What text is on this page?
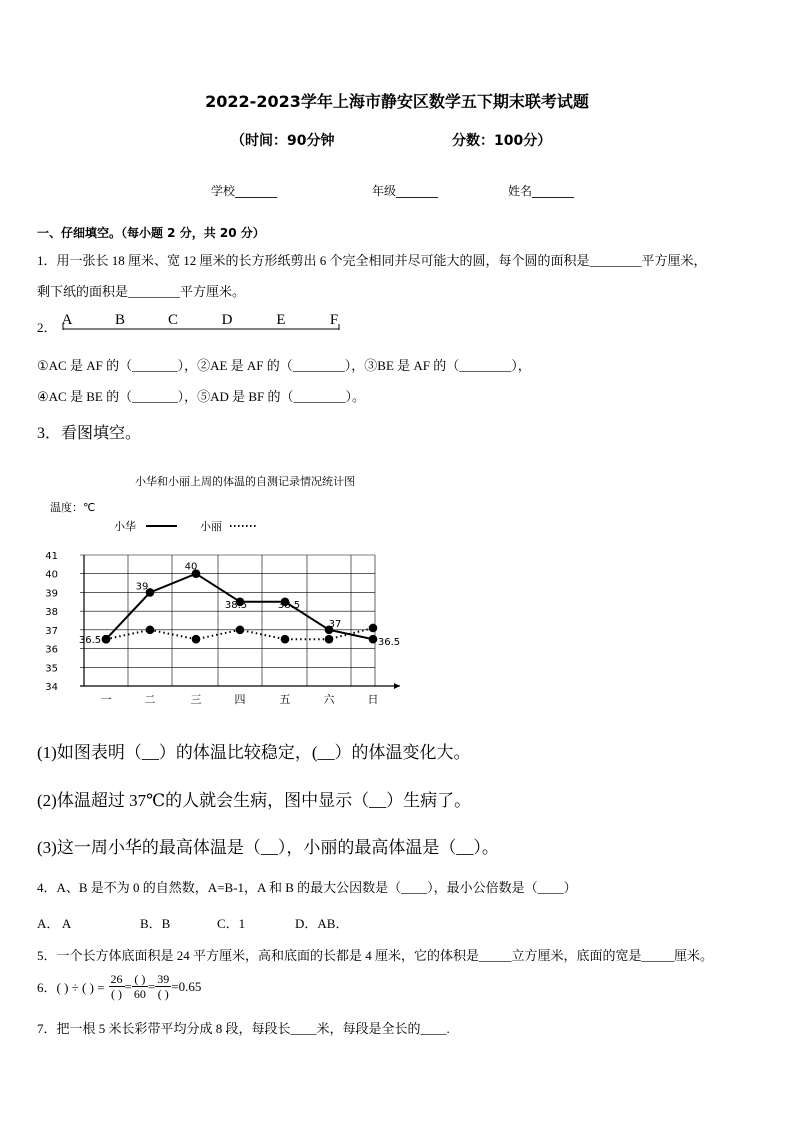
2022-2023学年上海市静安区数学五下期末联考试题
（时间：90分钟	分数：100分）
学校_______	年级_______	姓名_______
一、仔细填空。（每小题 2 分，共 20 分）
1．用一张长 18 厘米、宽 12 厘米的长方形纸剪出 6 个完全相同并尽可能大的圆，每个圆的面积是________平方厘米，
剩下纸的面积是________平方厘米。
2． A	B	C	D	E	F
①AC 是 AF 的（_______），②AE 是 AF 的（________），③BE 是 AF 的（________），
④AC 是 BE 的（_______），⑤AD 是 BF 的（________）。
3．看图填空。
小华和小丽上周的体温的自测记录情况统计图
温度：℃
小华	小丽
34
35
36
37
38
39
40
41
一	二	三	四	五	六	日
36.5
39
40
38.5	38.5
37
36.5
(1)如图表明（__）的体温比较稳定，(__）的体温变化大。
(2)体温超过 37℃的人就会生病，图中显示（__）生病了。
(3)这一周小华的最高体温是（__），小丽的最高体温是（__）。
4．A、B 是不为 0 的自然数，A=B-1，A 和 B 的最大公因数是（____），最小公倍数是（____）
A． A	B．B	C．1	D．AB．
5．一个长方体底面积是 24 平方厘米，高和底面的长都是 4 厘米，它的体积是_____立方厘米，底面的宽是_____厘米。
6．( ) ÷ ( ) = $\frac{26}{( )} = \frac{( )}{60} = \frac{39}{( )} =0.65$
7．把一根 5 米长彩带平均分成 8 段，每段长____米，每段是全长的____.
